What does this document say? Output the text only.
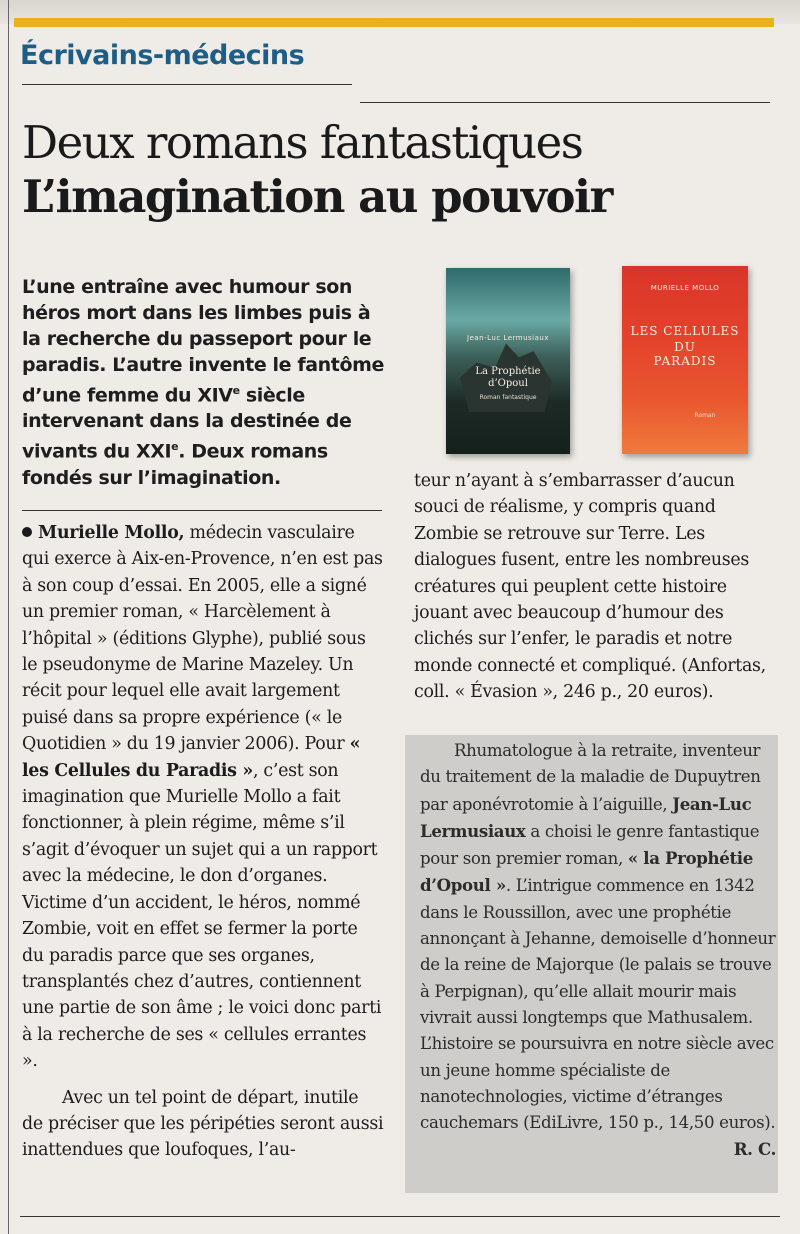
Écrivains-médecins
Deux romans fantastiques
L’imagination au pouvoir

L’une entraîne avec humour son héros mort dans les limbes puis à la recherche du passeport pour le paradis. L’autre invente le fantôme d’une femme du XIVe siècle intervenant dans la destinée de vivants du XXIe. Deux romans fondés sur l’imagination.

Murielle Mollo, médecin vasculaire qui exerce à Aix-en-Provence, n’en est pas à son coup d’essai. En 2005, elle a signé un premier roman, « Harcèlement à l’hôpital » (éditions Glyphe), publié sous le pseudonyme de Marine Mazeley. Un récit pour lequel elle avait largement puisé dans sa propre expérience (« le Quotidien » du 19 janvier 2006). Pour « les Cellules du Paradis », c’est son imagination que Murielle Mollo a fait fonctionner, à plein régime, même s’il s’agit d’évoquer un sujet qui a un rapport avec la médecine, le don d’organes. Victime d’un accident, le héros, nommé Zombie, voit en effet se fermer la porte du paradis parce que ses organes, transplantés chez d’autres, contiennent une partie de son âme ; le voici donc parti à la recherche de ses « cellules errantes ».

Avec un tel point de départ, inutile de préciser que les péripéties seront aussi inattendues que loufoques, l’au-

Jean-Luc Lermusiaux
La Prophétie
d’Opoul
Roman fantastique
MURIELLE MOLLO
LES CELLULES
DU
PARADIS
Roman

teur n’ayant à s’embarrasser d’aucun souci de réalisme, y compris quand Zombie se retrouve sur Terre. Les dialogues fusent, entre les nombreuses créatures qui peuplent cette histoire jouant avec beaucoup d’humour des clichés sur l’enfer, le paradis et notre monde connecté et compliqué. (Anfortas, coll. « Évasion », 246 p., 20 euros).

Rhumatologue à la retraite, inventeur du traitement de la maladie de Dupuytren par aponévrotomie à l’aiguille, Jean-Luc Lermusiaux a choisi le genre fantastique pour son premier roman, « la Prophétie d’Opoul ». L’intrigue commence en 1342 dans le Roussillon, avec une prophétie annonçant à Jehanne, demoiselle d’honneur de la reine de Majorque (le palais se trouve à Perpignan), qu’elle allait mourir mais vivrait aussi longtemps que Mathusalem. L’histoire se poursuivra en notre siècle avec un jeune homme spécialiste de nanotechnologies, victime d’étranges cauchemars (EdiLivre, 150 p., 14,50 euros).
R. C.
